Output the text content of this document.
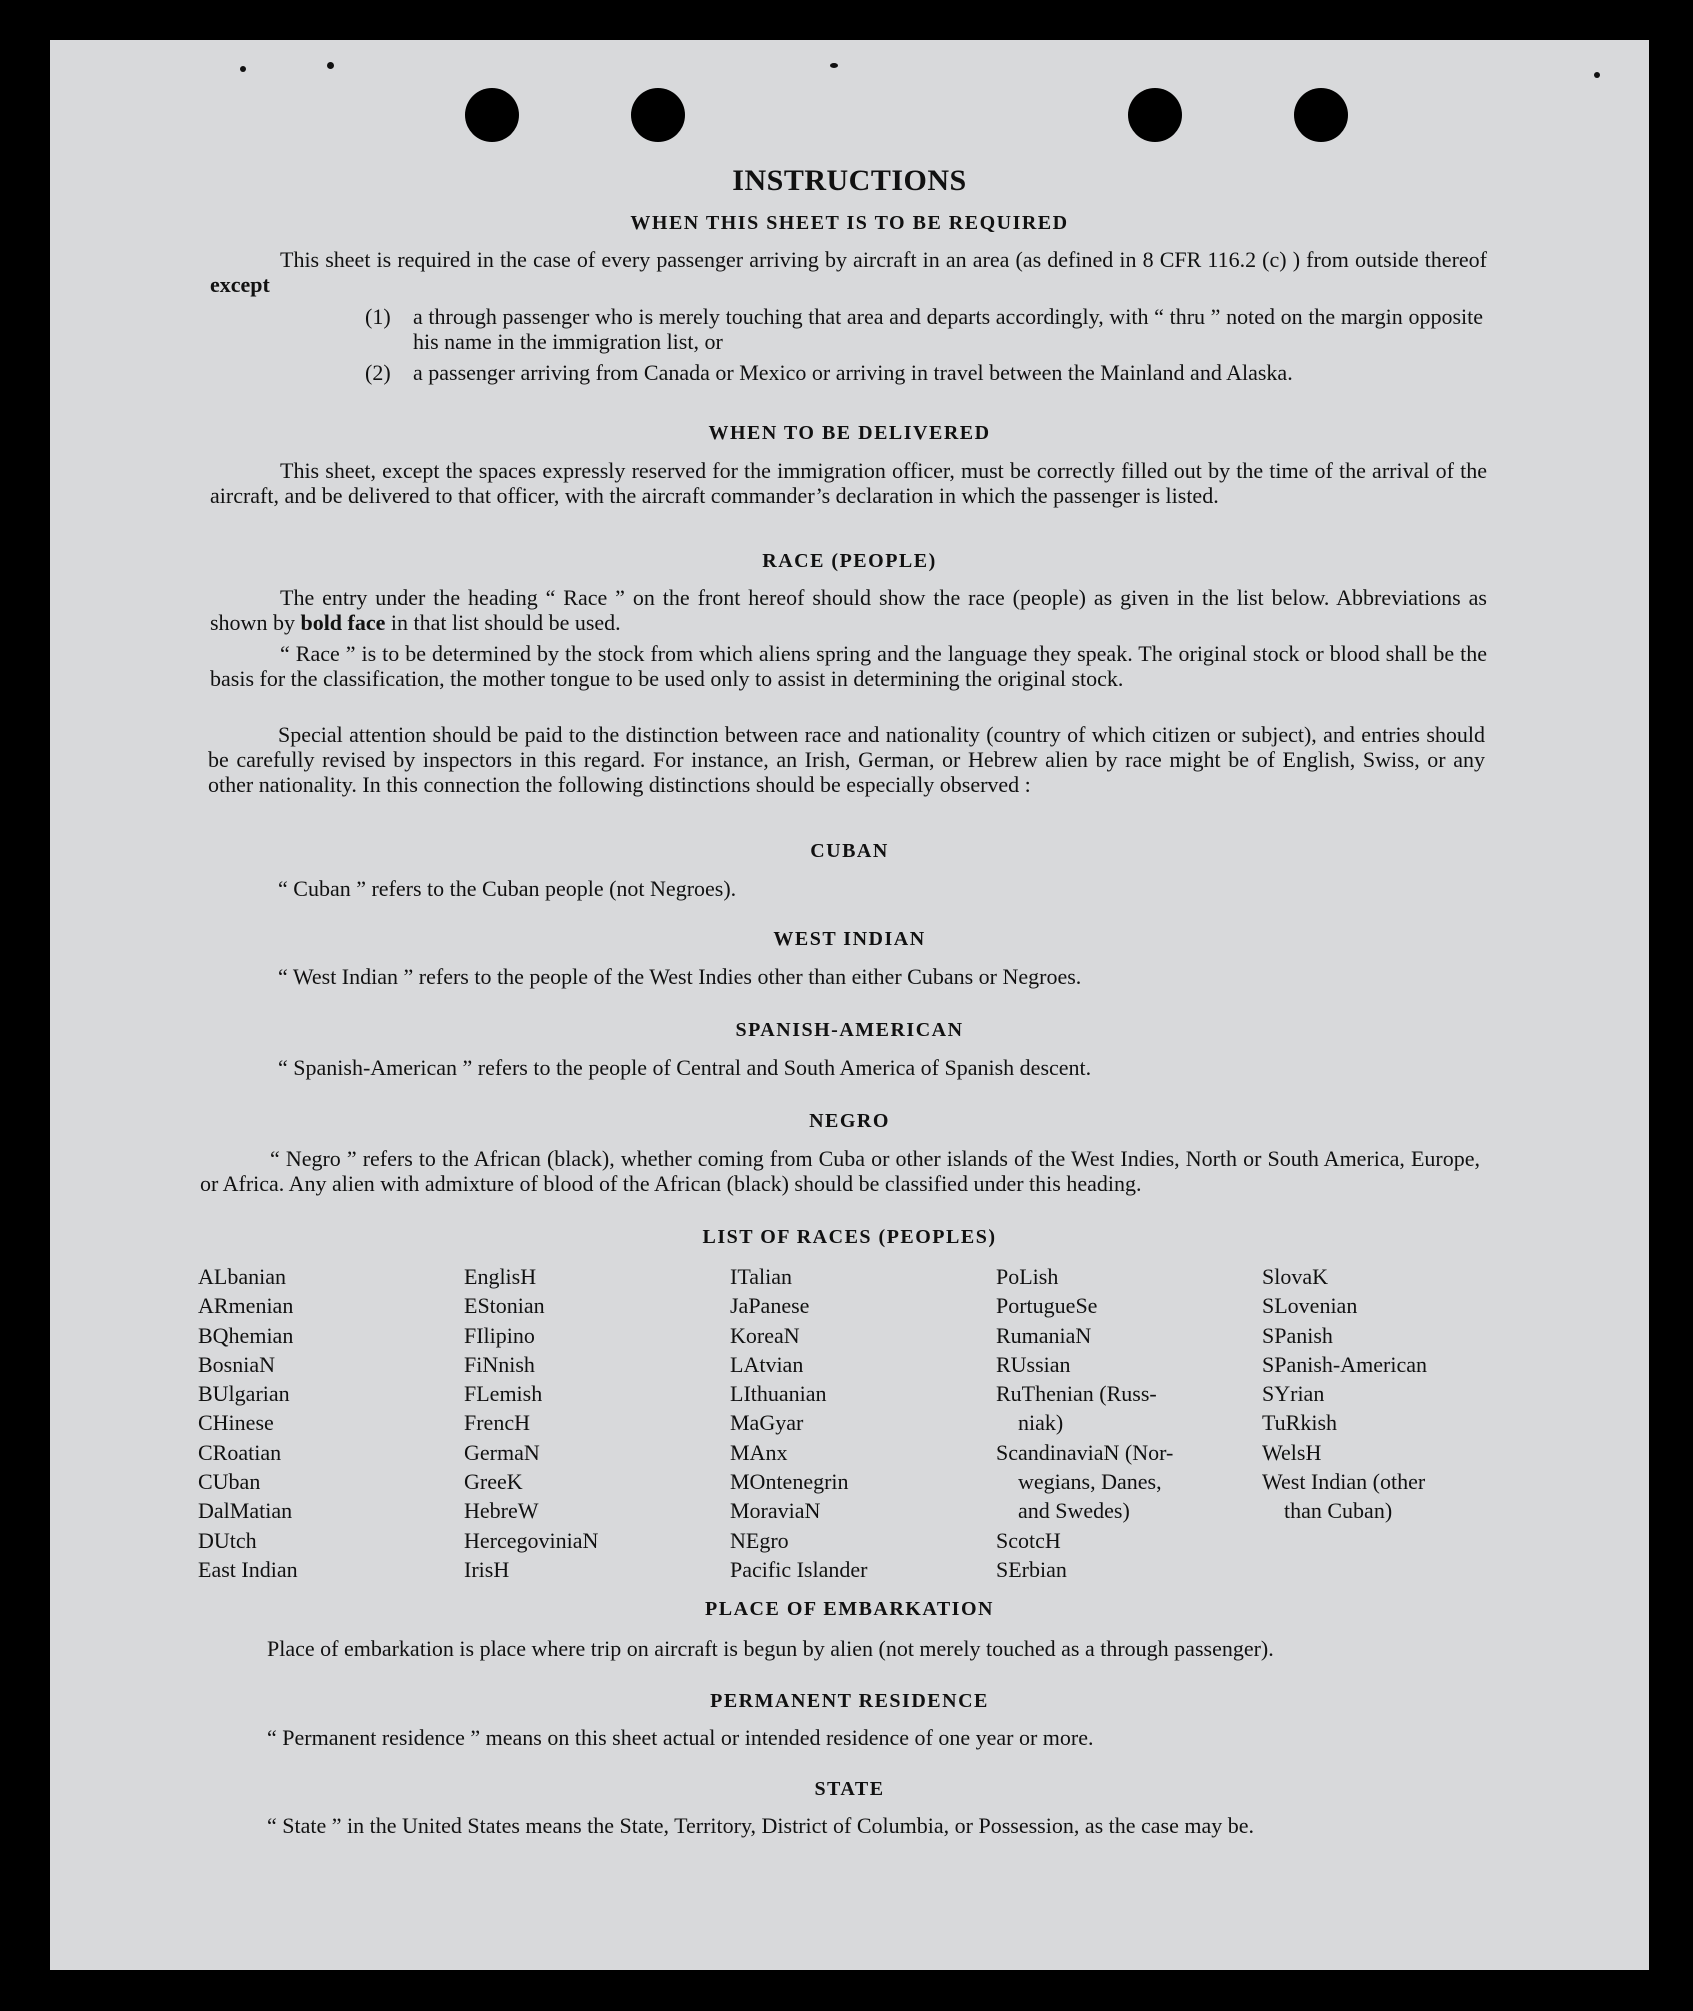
INSTRUCTIONS
WHEN THIS SHEET IS TO BE REQUIRED
This sheet is required in the case of every passenger arriving by aircraft in an area (as defined in 8 CFR 116.2 (c) ) from outside thereof except
(1) a through passenger who is merely touching that area and departs accordingly, with “ thru ” noted on the margin opposite his name in the immigration list, or
(2) a passenger arriving from Canada or Mexico or arriving in travel between the Mainland and Alaska.
WHEN TO BE DELIVERED
This sheet, except the spaces expressly reserved for the immigration officer, must be correctly filled out by the time of the arrival of the aircraft, and be delivered to that officer, with the aircraft commander’s declaration in which the passenger is listed.
RACE (PEOPLE)
The entry under the heading “ Race ” on the front hereof should show the race (people) as given in the list below. Abbreviations as shown by bold face in that list should be used.
“ Race ” is to be determined by the stock from which aliens spring and the language they speak. The original stock or blood shall be the basis for the classification, the mother tongue to be used only to assist in determining the original stock.
Special attention should be paid to the distinction between race and nationality (country of which citizen or subject), and entries should be carefully revised by inspectors in this regard. For instance, an Irish, German, or Hebrew alien by race might be of English, Swiss, or any other nationality. In this connection the following distinctions should be especially observed :
CUBAN
“ Cuban ” refers to the Cuban people (not Negroes).
WEST INDIAN
“ West Indian ” refers to the people of the West Indies other than either Cubans or Negroes.
SPANISH-AMERICAN
“ Spanish-American ” refers to the people of Central and South America of Spanish descent.
NEGRO
“ Negro ” refers to the African (black), whether coming from Cuba or other islands of the West Indies, North or South America, Europe, or Africa. Any alien with admixture of blood of the African (black) should be classified under this heading.
LIST OF RACES (PEOPLES)
ALbanian
ARmenian
BQhemian
BosniaN
BUlgarian
CHinese
CRoatian
CUban
DalMatian
DUtch
East Indian
EnglisH
EStonian
FIlipino
FiNnish
FLemish
FrencH
GermaN
GreeK
HebreW
HercegoviniaN
IrisH
ITalian
JaPanese
KoreaN
LAtvian
LIthuanian
MaGyar
MAnx
MOntenegrin
MoraviaN
NEgro
Pacific Islander
PoLish
PortugueSe
RumaniaN
RUssian
RuThenian (Russ-
niak)
ScandinaviaN (Nor-
wegians, Danes,
and Swedes)
ScotcH
SErbian
SlovaK
SLovenian
SPanish
SPanish-American
SYrian
TuRkish
WelsH
West Indian (other
than Cuban)
PLACE OF EMBARKATION
Place of embarkation is place where trip on aircraft is begun by alien (not merely touched as a through passenger).
PERMANENT RESIDENCE
“ Permanent residence ” means on this sheet actual or intended residence of one year or more.
STATE
“ State ” in the United States means the State, Territory, District of Columbia, or Possession, as the case may be.
